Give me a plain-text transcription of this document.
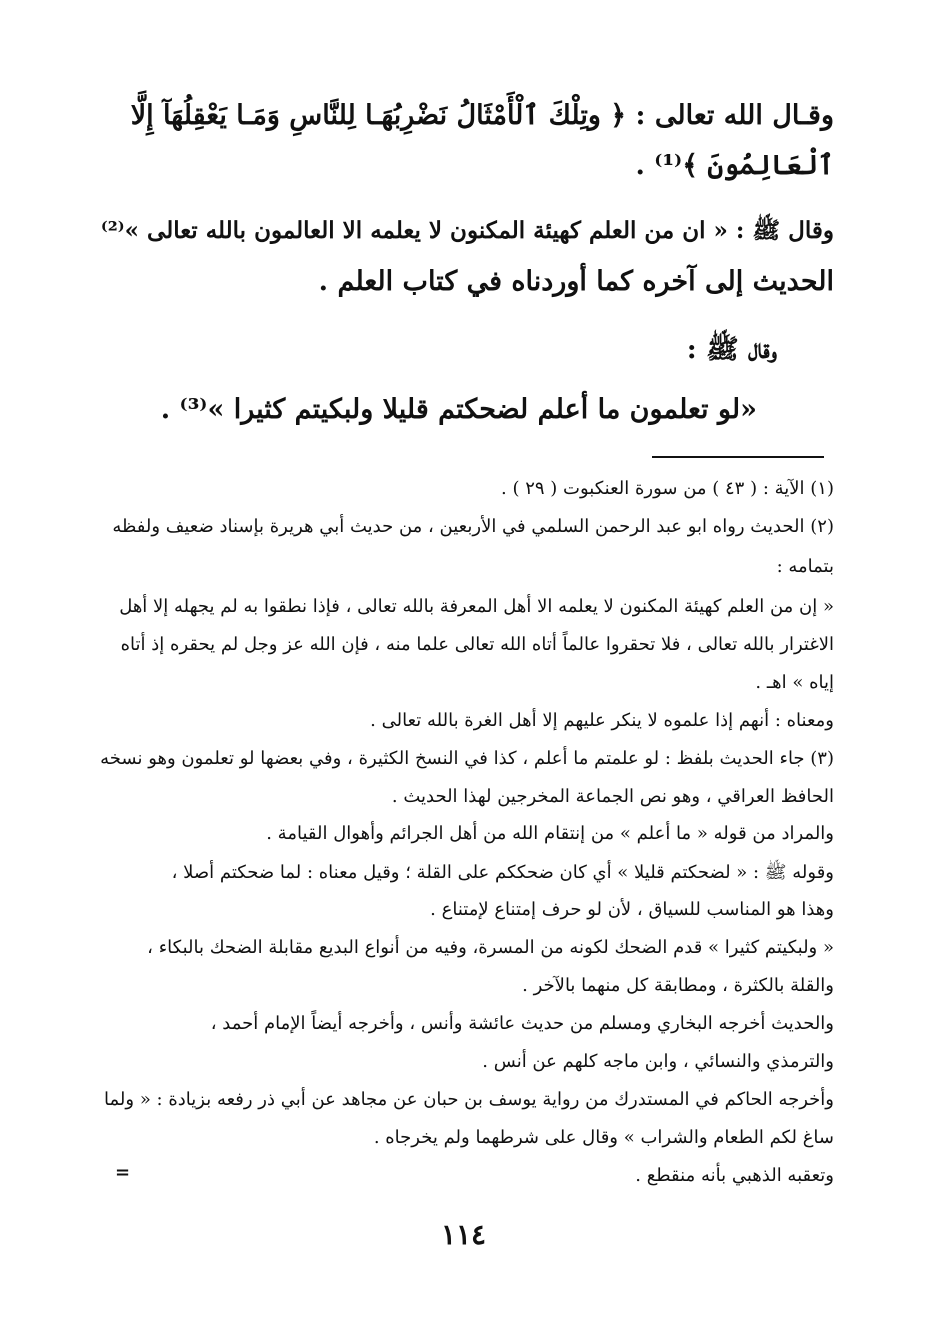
وقـال الله تعالى : ﴿ وتِلْكَ ٱلْأَمْثَالُ نَضْرِبُهَـا لِلنَّاسِ وَمَـا يَعْقِلُهَآ إِلَّا
ٱلْعَالِمُونَ ﴾⁽¹⁾ .
وقال ﷺ : « ان من العلم كهيئة المكنون لا يعلمه الا العالمون بالله تعالى »⁽²⁾
الحديث إلى آخره كما أوردناه في كتاب العلم .
وقال ﷺ :
«لو تعلمون ما أعلم لضحكتم قليلا ولبكيتم كثيرا »⁽³⁾ .
(١) الآية : ( ٤٣ ) من سورة العنكبوت ( ٢٩ ) .
(٢) الحديث رواه ابو عبد الرحمن السلمي في الأربعين ، من حديث أبي هريرة بإسناد ضعيف ولفظه
بتمامه :
« إن من العلم كهيئة المكنون لا يعلمه الا أهل المعرفة بالله تعالى ، فإذا نطقوا به لم يجهله إلا أهل
الاغترار بالله تعالى ، فلا تحقروا عالماً أتاه الله تعالى علما منه ، فإن الله عز وجل لم يحقره إذ أتاه
إياه » اهـ .
ومعناه : أنهم إذا علموه لا ينكر عليهم إلا أهل الغرة بالله تعالى .
(٣) جاء الحديث بلفظ : لو علمتم ما أعلم ، كذا في النسخ الكثيرة ، وفي بعضها لو تعلمون وهو نسخه
الحافظ العراقي ، وهو نص الجماعة المخرجين لهذا الحديث .
والمراد من قوله « ما أعلم » من إنتقام الله من أهل الجرائم وأهوال القيامة .
وقوله ﷺ : « لضحكتم قليلا » أي كان ضحككم على القلة ؛ وقيل معناه : لما ضحكتم أصلا ،
وهذا هو المناسب للسياق ، لأن لو حرف إمتناع لإمتناع .
« ولبكيتم كثيرا » قدم الضحك لكونه من المسرة، وفيه من أنواع البديع مقابلة الضحك بالبكاء ،
والقلة بالكثرة ، ومطابقة كل منهما بالآخر .
والحديث أخرجه البخاري ومسلم من حديث عائشة وأنس ، وأخرجه أيضاً الإمام أحمد ،
والترمذي والنسائي ، وابن ماجه كلهم عن أنس .
وأخرجه الحاكم في المستدرك من رواية يوسف بن حبان عن مجاهد عن أبي ذر رفعه بزيادة : « ولما
ساغ لكم الطعام والشراب » وقال على شرطهما ولم يخرجاه .
وتعقبه الذهبي بأنه منقطع .
=
١١٤
